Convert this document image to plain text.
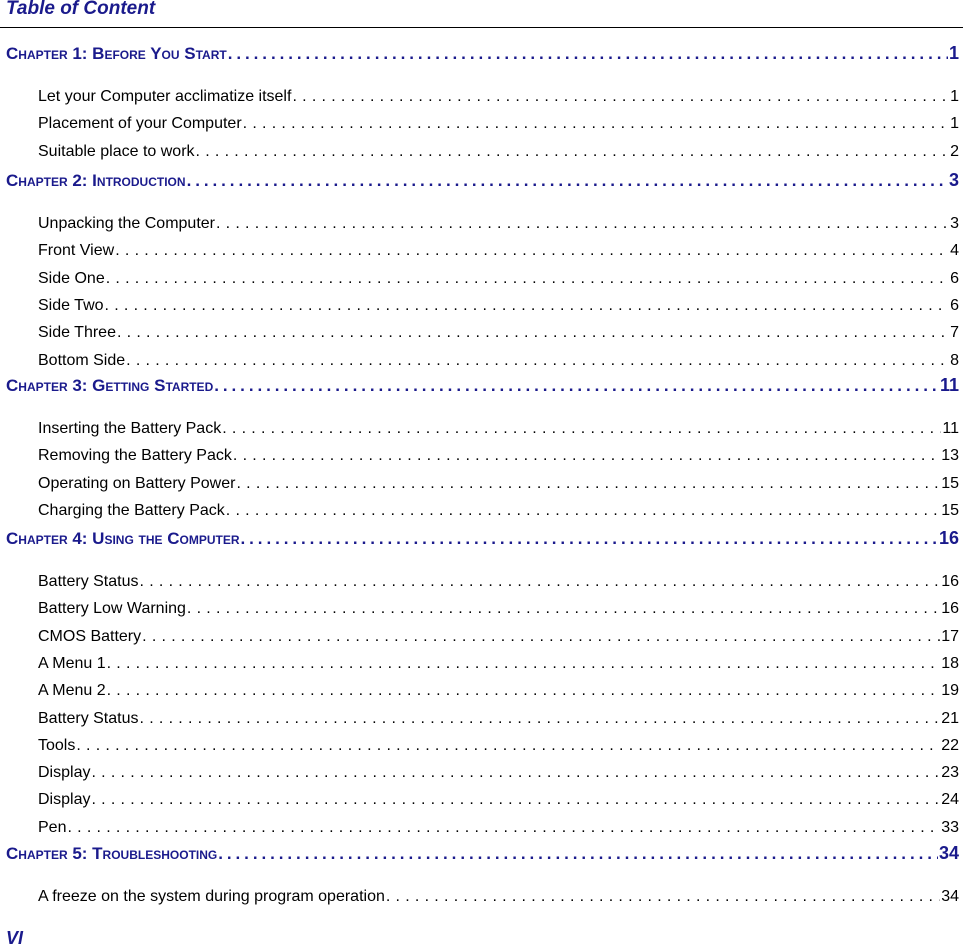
Table of Content
Chapter 1: Before You Start . . .	1
Let your Computer acclimatize itself . . .	1
Placement of your Computer . . .	1
Suitable place to work . . .	2
Chapter 2: Introduction . . .	3
Unpacking the Computer . . .	3
Front View . . .	4
Side One . . .	6
Side Two . . .	6
Side Three . . .	7
Bottom Side . . .	8
Chapter 3: Getting Started . . .	11
Inserting the Battery Pack . . .	11
Removing the Battery Pack . . .	13
Operating on Battery Power . . .	15
Charging the Battery Pack . . .	15
Chapter 4: Using the Computer . . .	16
Battery Status . . .	16
Battery Low Warning . . .	16
CMOS Battery . . .	17
A Menu 1 . . .	18
A Menu 2 . . .	19
Battery Status . . .	21
Tools . . .	22
Display . . .	23
Display . . .	24
Pen . . .	33
Chapter 5: Troubleshooting . . .	34
A freeze on the system during program operation . . .	34
VI
